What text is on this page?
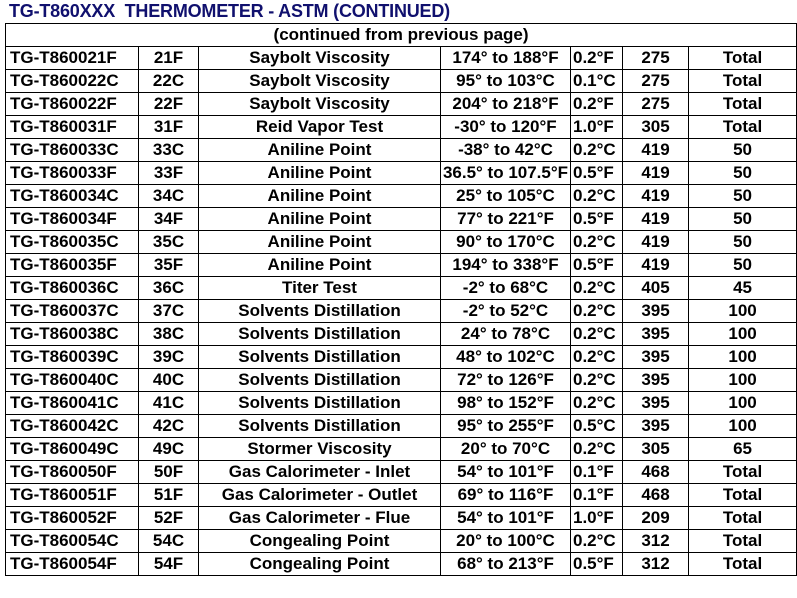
TG-T860XXX  THERMOMETER - ASTM (CONTINUED)
(continued from previous page)						
TG-T860021F	21F	Saybolt Viscosity	174° to 188°F	0.2°F	275	Total
TG-T860022C	22C	Saybolt Viscosity	95° to 103°C	0.1°C	275	Total
TG-T860022F	22F	Saybolt Viscosity	204° to 218°F	0.2°F	275	Total
TG-T860031F	31F	Reid Vapor Test	-30° to 120°F	1.0°F	305	Total
TG-T860033C	33C	Aniline Point	-38° to 42°C	0.2°C	419	50
TG-T860033F	33F	Aniline Point	36.5° to 107.5°F	0.5°F	419	50
TG-T860034C	34C	Aniline Point	25° to 105°C	0.2°C	419	50
TG-T860034F	34F	Aniline Point	77° to 221°F	0.5°F	419	50
TG-T860035C	35C	Aniline Point	90° to 170°C	0.2°C	419	50
TG-T860035F	35F	Aniline Point	194° to 338°F	0.5°F	419	50
TG-T860036C	36C	Titer Test	-2° to 68°C	0.2°C	405	45
TG-T860037C	37C	Solvents Distillation	-2° to 52°C	0.2°C	395	100
TG-T860038C	38C	Solvents Distillation	24° to 78°C	0.2°C	395	100
TG-T860039C	39C	Solvents Distillation	48° to 102°C	0.2°C	395	100
TG-T860040C	40C	Solvents Distillation	72° to 126°F	0.2°C	395	100
TG-T860041C	41C	Solvents Distillation	98° to 152°F	0.2°C	395	100
TG-T860042C	42C	Solvents Distillation	95° to 255°F	0.5°C	395	100
TG-T860049C	49C	Stormer Viscosity	20° to 70°C	0.2°C	305	65
TG-T860050F	50F	Gas Calorimeter - Inlet	54° to 101°F	0.1°F	468	Total
TG-T860051F	51F	Gas Calorimeter - Outlet	69° to 116°F	0.1°F	468	Total
TG-T860052F	52F	Gas Calorimeter - Flue	54° to 101°F	1.0°F	209	Total
TG-T860054C	54C	Congealing Point	20° to 100°C	0.2°C	312	Total
TG-T860054F	54F	Congealing Point	68° to 213°F	0.5°F	312	Total
